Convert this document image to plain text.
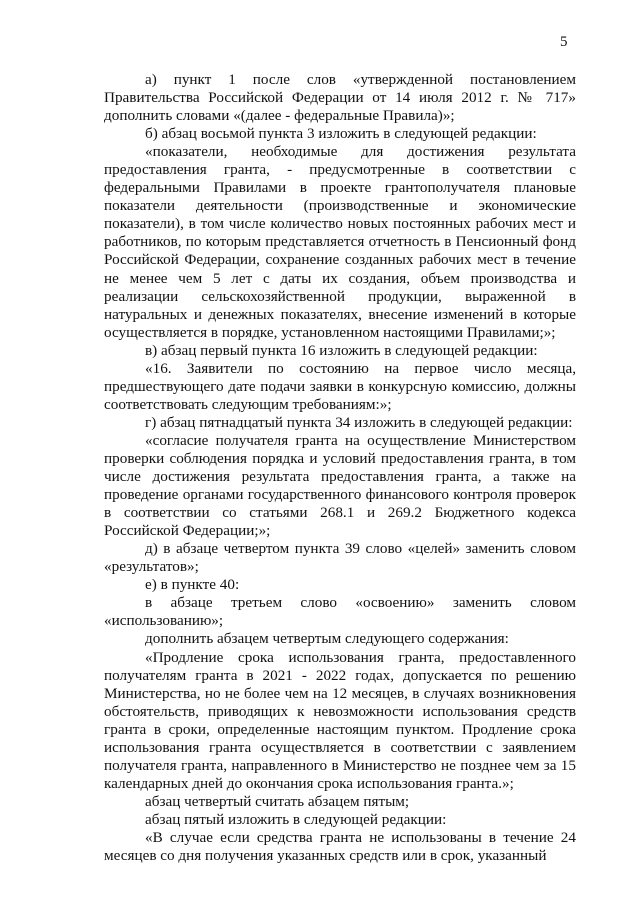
5

а) пункт 1 после слов «утвержденной постановлением Правительства Российской Федерации от 14 июля 2012 г. № 717» дополнить словами «(далее - федеральные Правила)»;

б) абзац восьмой пункта 3 изложить в следующей редакции:

«показатели, необходимые для достижения результата предоставления гранта, - предусмотренные в соответствии с федеральными Правилами в проекте грантополучателя плановые показатели деятельности (производственные и экономические показатели), в том числе количество новых постоянных рабочих мест и работников, по которым представляется отчетность в Пенсионный фонд Российской Федерации, сохранение созданных рабочих мест в течение не менее чем 5 лет с даты их создания, объем производства и реализации сельскохозяйственной продукции, выраженной в натуральных и денежных показателях, внесение изменений в которые осуществляется в порядке, установленном настоящими Правилами;»;

в) абзац первый пункта 16 изложить в следующей редакции:

«16. Заявители по состоянию на первое число месяца, предшествующего дате подачи заявки в конкурсную комиссию, должны соответствовать следующим требованиям:»;

г) абзац пятнадцатый пункта 34 изложить в следующей редакции:

«согласие получателя гранта на осуществление Министерством проверки соблюдения порядка и условий предоставления гранта, в том числе достижения результата предоставления гранта, а также на проведение органами государственного финансового контроля проверок в соответствии со статьями 268.1 и 269.2 Бюджетного кодекса Российской Федерации;»;

д) в абзаце четвертом пункта 39 слово «целей» заменить словом «результатов»;

е) в пункте 40:

в абзаце третьем слово «освоению» заменить словом «использованию»;

дополнить абзацем четвертым следующего содержания:

«Продление срока использования гранта, предоставленного получателям гранта в 2021 - 2022 годах, допускается по решению Министерства, но не более чем на 12 месяцев, в случаях возникновения обстоятельств, приводящих к невозможности использования средств гранта в сроки, определенные настоящим пунктом. Продление срока использования гранта осуществляется в соответствии с заявлением получателя гранта, направленного в Министерство не позднее чем за 15 календарных дней до окончания срока использования гранта.»;

абзац четвертый считать абзацем пятым;

абзац пятый изложить в следующей редакции:

«В случае если средства гранта не использованы в течение 24 месяцев со дня получения указанных средств или в срок, указанный
